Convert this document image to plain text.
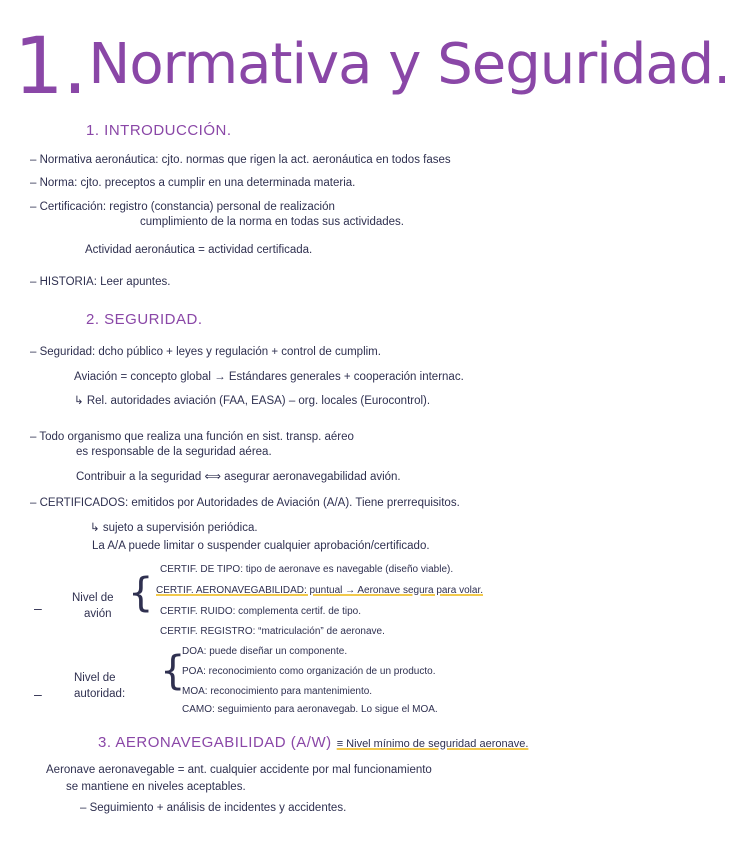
1.Normativa y Seguridad.
1. INTRODUCCIÓN.
– Normativa aeronáutica: cjto. normas que rigen la act. aeronáutica en todos fases
– Norma: cjto. preceptos a cumplir en una determinada materia.
– Certificación: registro (constancia) personal de realización
cumplimiento de la norma en todas sus actividades.
Actividad aeronáutica = actividad certificada.
– HISTORIA: Leer apuntes.
2. SEGURIDAD.
– Seguridad: dcho público + leyes y regulación + control de cumplim.
Aviación = concepto global → Estándares generales + cooperación internac.
↳ Rel. autoridades aviación (FAA, EASA) – org. locales (Eurocontrol).
– Todo organismo que realiza una función en sist. transp. aéreo
es responsable de la seguridad aérea.
Contribuir a la seguridad ⟺ asegurar aeronavegabilidad avión.
– CERTIFICADOS: emitidos por Autoridades de Aviación (A/A). Tiene prerrequisitos.
↳ sujeto a supervisión periódica.
La A/A puede limitar o suspender cualquier aprobación/certificado.
Nivel de
avión
– {
CERTIF. DE TIPO: tipo de aeronave es navegable (diseño viable).
CERTIF. AERONAVEGABILIDAD: puntual → Aeronave segura para volar.
CERTIF. RUIDO: complementa certif. de tipo.
CERTIF. REGISTRO: “matriculación” de aeronave.
Nivel de
autoridad:
–	{
DOA: puede diseñar un componente.
POA: reconocimiento como organización de un producto.
MOA: reconocimiento para mantenimiento.
CAMO: seguimiento para aeronavegab. Lo sigue el MOA.
3. AERONAVEGABILIDAD (A/W) ≡ Nivel mínimo de seguridad aeronave.
Aeronave aeronavegable = ant. cualquier accidente por mal funcionamiento
se mantiene en niveles aceptables.
– Seguimiento + análisis de incidentes y accidentes.
